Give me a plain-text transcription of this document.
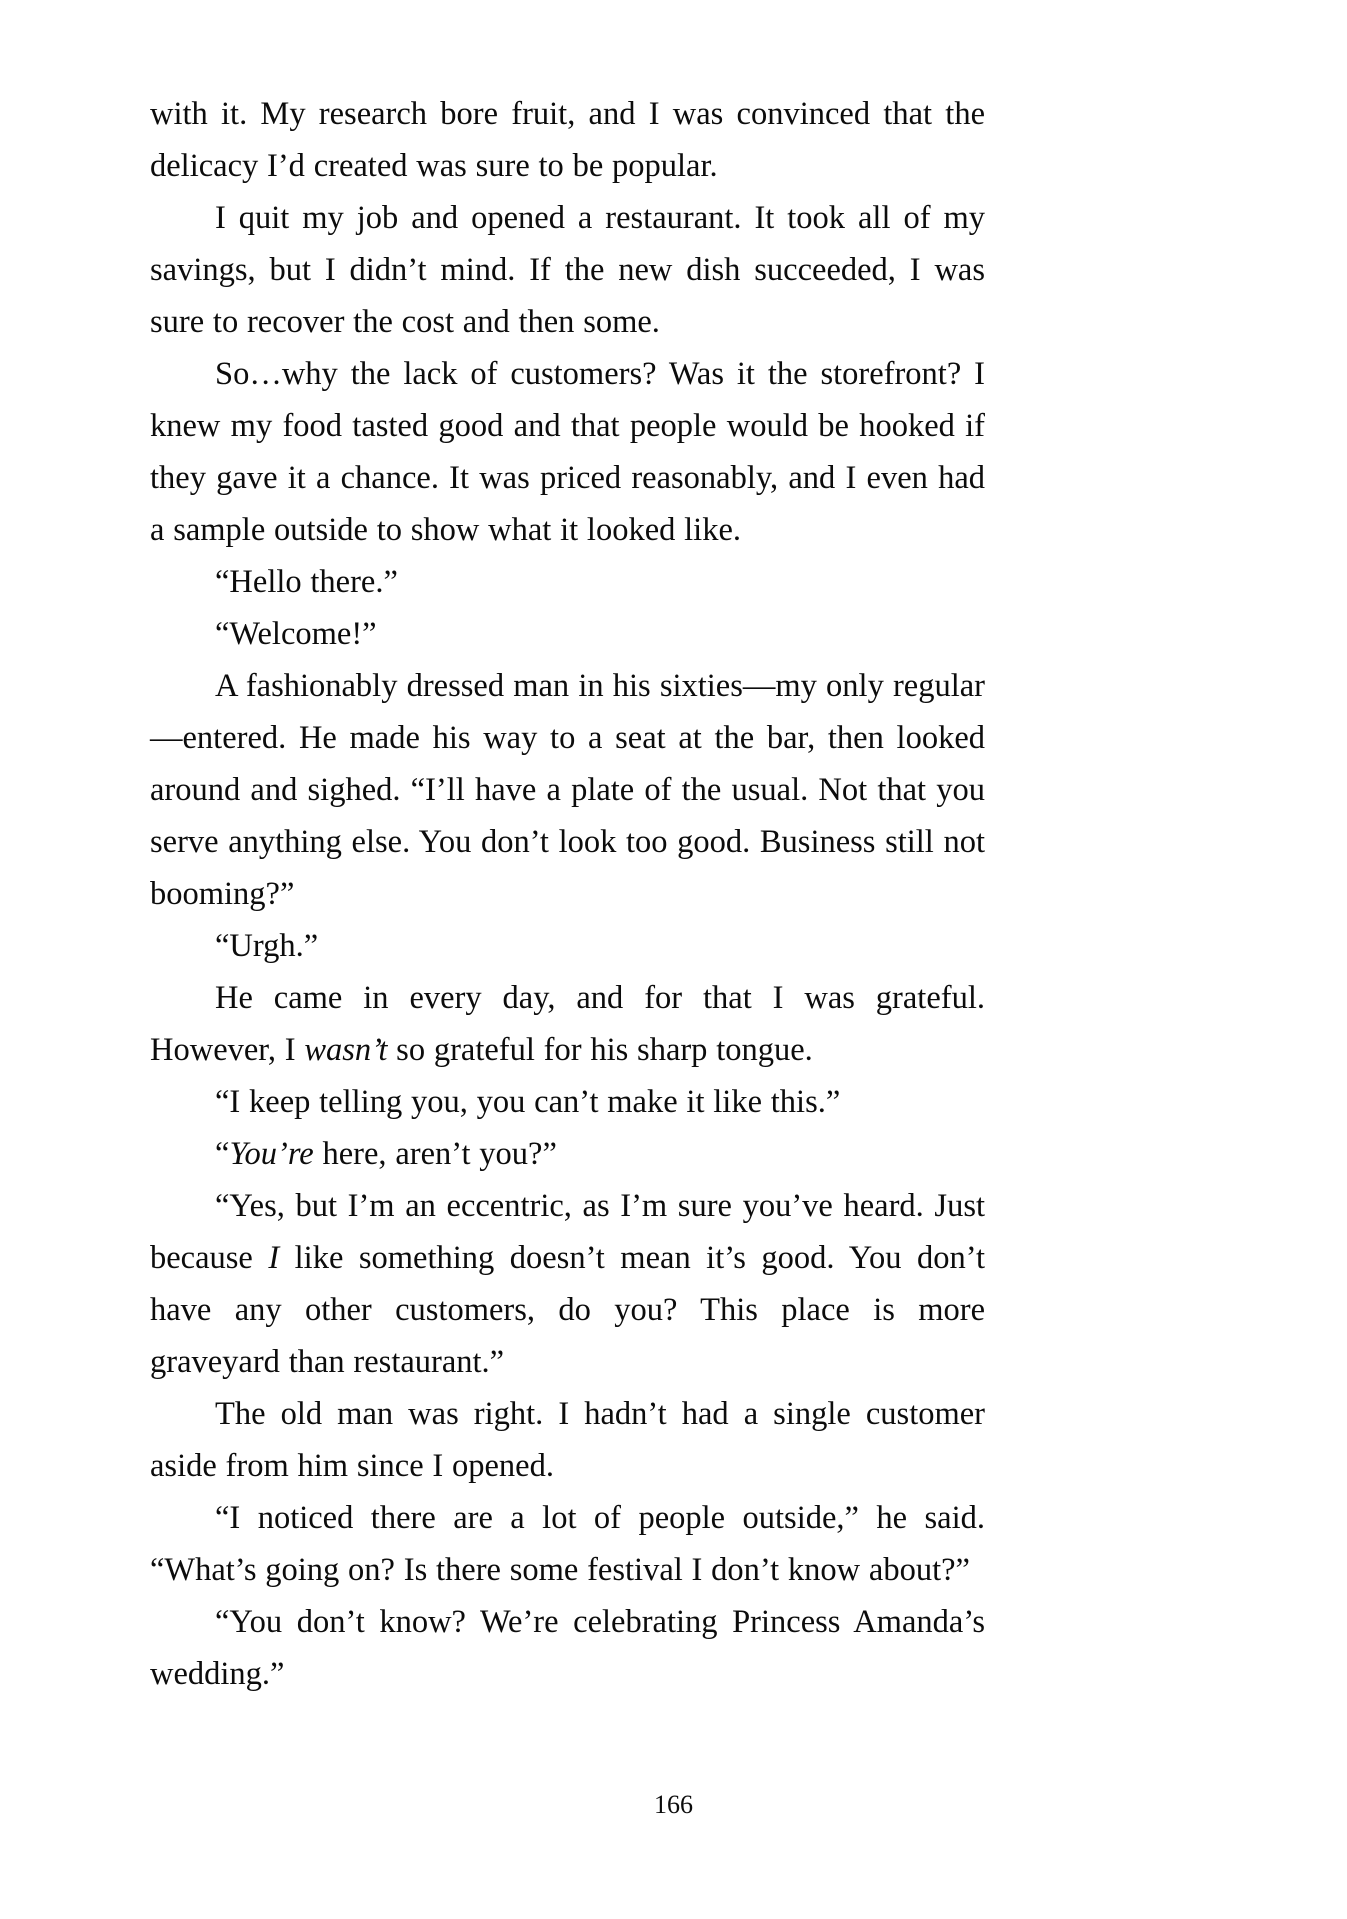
with it. My research bore fruit, and I was convinced that the delicacy I’d created was sure to be popular.

I quit my job and opened a restaurant. It took all of my savings, but I didn’t mind. If the new dish succeeded, I was sure to recover the cost and then some.

So…why the lack of customers? Was it the storefront? I knew my food tasted good and that people would be hooked if they gave it a chance. It was priced reasonably, and I even had a sample outside to show what it looked like.

“Hello there.”

“Welcome!”

A fashionably dressed man in his sixties—my only regular—entered. He made his way to a seat at the bar, then looked around and sighed. “I’ll have a plate of the usual. Not that you serve anything else. You don’t look too good. Business still not booming?”

“Urgh.”

He came in every day, and for that I was grateful. However, I wasn’t so grateful for his sharp tongue.

“I keep telling you, you can’t make it like this.”

“You’re here, aren’t you?”

“Yes, but I’m an eccentric, as I’m sure you’ve heard. Just because I like something doesn’t mean it’s good. You don’t have any other customers, do you? This place is more graveyard than restaurant.”

The old man was right. I hadn’t had a single customer aside from him since I opened.

“I noticed there are a lot of people outside,” he said. “What’s going on? Is there some festival I don’t know about?”

“You don’t know? We’re celebrating Princess Amanda’s wedding.”

166
